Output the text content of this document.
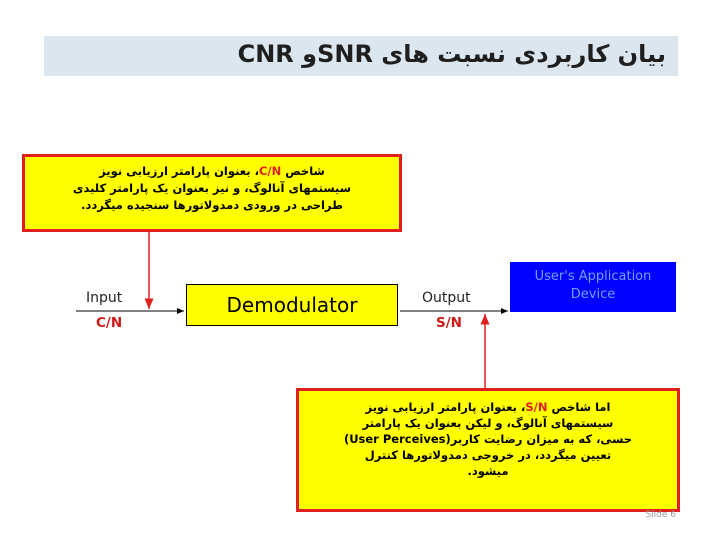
بیان کاربردی نسبت های SNRو CNR
شاخص C/N، بعنوان پارامتر ارزیابی نویز
سیستمهای آنالوگ، و نیز بعنوان یک پارامتر کلیدی
طراحی در ورودی دمدولاتورها سنجیده میگردد.
Input
C/N
Demodulator	Output
S/N
User's Application
Device
اما شاخص S/N، بعنوان پارامتر ارزیابی نویز
سیستمهای آنالوگ، و لیکن بعنوان یک پارامتر
حسی، که به میزان رضایت کاربر(User Perceives)
تعیین میگردد، در خروجی دمدولاتورها کنترل
میشود.
Slide 6
